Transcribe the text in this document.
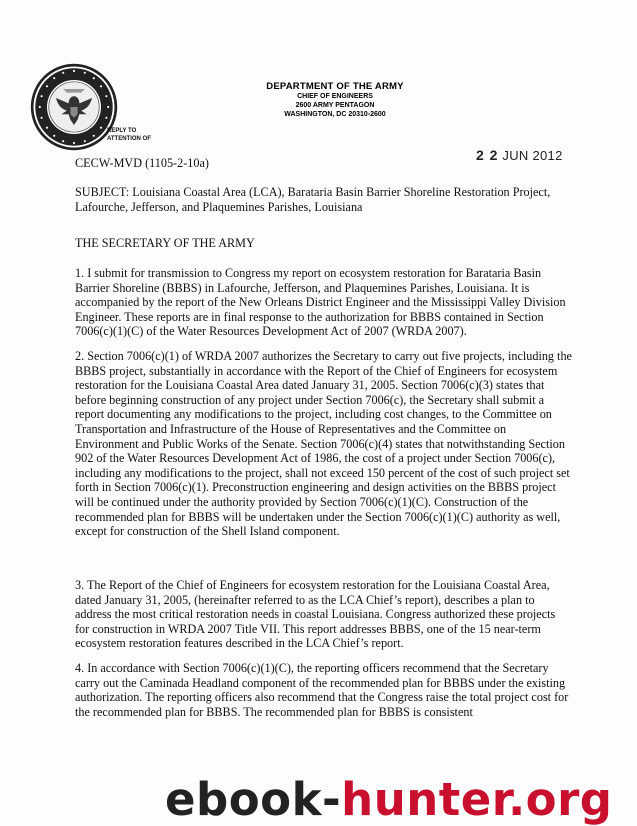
REPLY TO
ATTENTION OF
DEPARTMENT OF THE ARMY
CHIEF OF ENGINEERS
2600 ARMY PENTAGON
WASHINGTON, DC 20310-2600
CECW-MVD (1105-2-10a)	2 2 JUN 2012
SUBJECT: Louisiana Coastal Area (LCA), Barataria Basin Barrier Shoreline Restoration Project, Lafourche, Jefferson, and Plaquemines Parishes, Louisiana
THE SECRETARY OF THE ARMY

1. I submit for transmission to Congress my report on ecosystem restoration for Barataria Basin Barrier Shoreline (BBBS) in Lafourche, Jefferson, and Plaquemines Parishes, Louisiana. It is accompanied by the report of the New Orleans District Engineer and the Mississippi Valley Division Engineer. These reports are in final response to the authorization for BBBS contained in Section 7006(c)(1)(C) of the Water Resources Development Act of 2007 (WRDA 2007).

2. Section 7006(c)(1) of WRDA 2007 authorizes the Secretary to carry out five projects, including the BBBS project, substantially in accordance with the Report of the Chief of Engineers for ecosystem restoration for the Louisiana Coastal Area dated January 31, 2005. Section 7006(c)(3) states that before beginning construction of any project under Section 7006(c), the Secretary shall submit a report documenting any modifications to the project, including cost changes, to the Committee on Transportation and Infrastructure of the House of Representatives and the Committee on Environment and Public Works of the Senate. Section 7006(c)(4) states that notwithstanding Section 902 of the Water Resources Development Act of 1986, the cost of a project under Section 7006(c), including any modifications to the project, shall not exceed 150 percent of the cost of such project set forth in Section 7006(c)(1). Preconstruction engineering and design activities on the BBBS project will be continued under the authority provided by Section 7006(c)(1)(C). Construction of the recommended plan for BBBS will be undertaken under the Section 7006(c)(1)(C) authority as well, except for construction of the Shell Island component.

3. The Report of the Chief of Engineers for ecosystem restoration for the Louisiana Coastal Area, dated January 31, 2005, (hereinafter referred to as the LCA Chief’s report), describes a plan to address the most critical restoration needs in coastal Louisiana. Congress authorized these projects for construction in WRDA 2007 Title VII. This report addresses BBBS, one of the 15 near-term ecosystem restoration features described in the LCA Chief’s report.

4. In accordance with Section 7006(c)(1)(C), the reporting officers recommend that the Secretary carry out the Caminada Headland component of the recommended plan for BBBS under the existing authorization. The reporting officers also recommend that the Congress raise the total project cost for the recommended plan for BBBS. The recommended plan for BBBS is consistent

ebook-hunter.org
